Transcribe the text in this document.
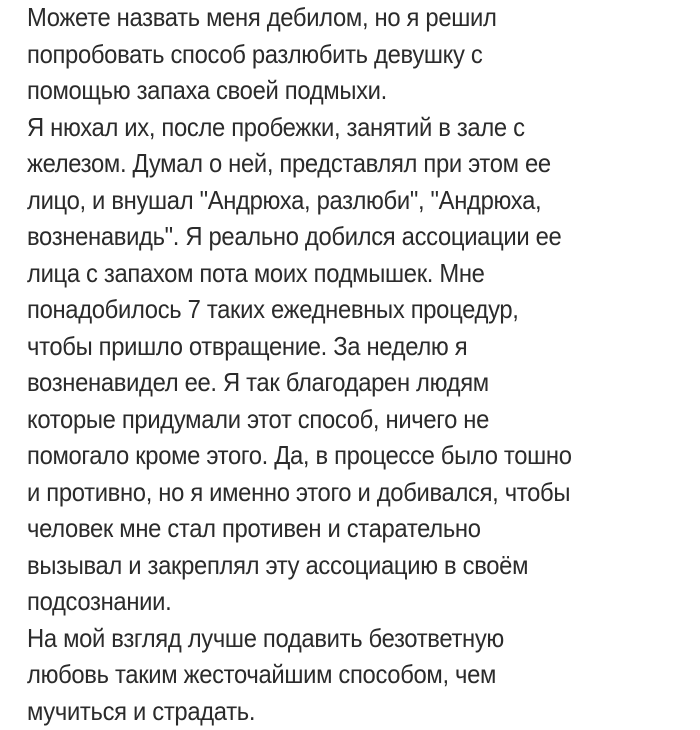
Можете назвать меня дебилом, но я решил
попробовать способ разлюбить девушку с
помощью запаха своей подмыхи.
Я нюхал их, после пробежки, занятий в зале с
железом. Думал о ней, представлял при этом ее
лицо, и внушал "Андрюха, разлюби", "Андрюха,
возненавидь". Я реально добился ассоциации ее
лица с запахом пота моих подмышек. Мне
понадобилось 7 таких ежедневных процедур,
чтобы пришло отвращение. За неделю я
возненавидел ее. Я так благодарен людям
которые придумали этот способ, ничего не
помогало кроме этого. Да, в процессе было тошно
и противно, но я именно этого и добивался, чтобы
человек мне стал противен и старательно
вызывал и закреплял эту ассоциацию в своём
подсознании.
На мой взгляд лучше подавить безответную
любовь таким жесточайшим способом, чем
мучиться и страдать.
